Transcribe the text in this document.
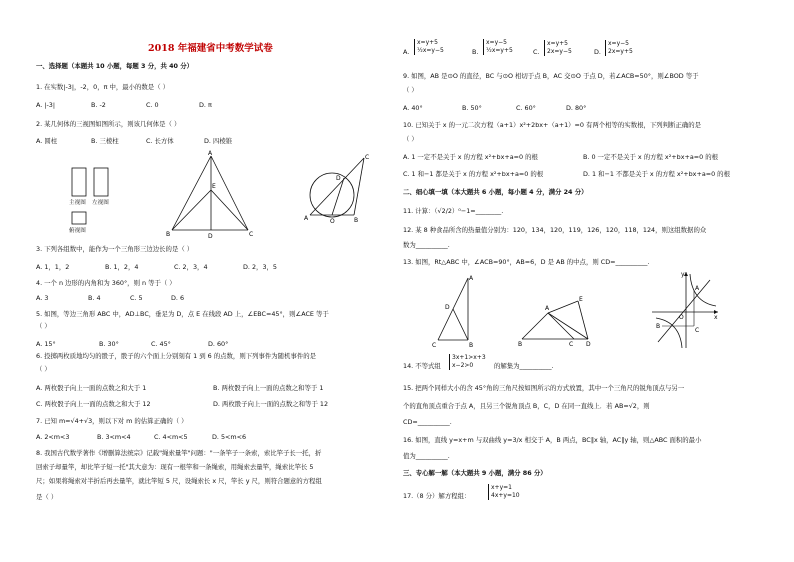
2018 年福建省中考数学试卷
一、选择题（本题共 10 小题，每题 3 分，共 40 分）
1. 在实数|-3|，-2，0，π 中，最小的数是（ ）
A. |-3|	B. -2	C. 0	D. π
2. 某几何体的三视图如图所示，则该几何体是（ ）
A. 圆柱	B. 三棱柱	C. 长方体	D. 四棱锥
主视图 左视图
俯视图
A
E
B	D	C
C
D
A	O	B
3. 下列各组数中，能作为一个三角形三边边长的是（ ）
A. 1，1，2	B. 1，2，4	C. 2，3，4	D. 2，3，5
4. 一个 n 边形的内角和为 360°，则 n 等于（ ）
A. 3	B. 4	C. 5	D. 6
5. 如图，等边三角形 ABC 中，AD⊥BC，垂足为 D，点 E 在线段 AD 上，∠EBC=45°，则∠ACE 等于
（ ）
A. 15°	B. 30°	C. 45°	D. 60°
6. 投掷两枚质地均匀的骰子，骰子的六个面上分别刻有 1 到 6 的点数，则下列事件为随机事件的是
（ ）
A. 两枚骰子向上一面的点数之和大于 1	B. 两枚骰子向上一面的点数之和等于 1
C. 两枚骰子向上一面的点数之和大于 12	D. 两枚骰子向上一面的点数之和等于 12
7. 已知 m=√4+√3，则以下对 m 的估算正确的（ ）
A. 2<m<3	B. 3<m<4	C. 4<m<5	D. 5<m<6
8. 我国古代数学著作《增删算法统宗》记载"绳索量竿"问题："一条竿子一条索，索比竿子长一托，折
回索子却量竿，却比竿子短一托"其大意为：现有一根竿和一条绳索，用绳索去量竿，绳索比竿长 5
尺；如果将绳索对半折后再去量竿，就比竿短 5 尺，设绳索长 x 尺，竿长 y 尺，则符合题意的方程组
是（ ）
A.
x=y+5
½x=y−5	B.
x=y−5
½x=y+5	C.
x=y+5
2x=y−5	D.
x=y−5
2x=y+5
9. 如图，AB 是⊙O 的直径，BC 与⊙O 相切于点 B，AC 交⊙O 于点 D，若∠ACB=50°，则∠BOD 等于
（ ）
A. 40°	B. 50°	C. 60°	D. 80°
10. 已知关于 x 的一元二次方程（a+1）x²+2bx+（a+1）=0 有两个相等的实数根，下列判断正确的是
（ ）
A. 1 一定不是关于 x 的方程 x²+bx+a=0 的根	B. 0 一定不是关于 x 的方程 x²+bx+a=0 的根
C. 1 和−1 都是关于 x 的方程 x²+bx+a=0 的根	D. 1 和−1 不都是关于 x 的方程 x²+bx+a=0 的根
二、细心填一填（本大题共 6 小题，每小题 4 分，满分 24 分）
11. 计算：（√2/2）⁰−1=________.
12. 某 8 种食品所含的热量值分别为：120，134，120，119，126，120，118，124，则这组数据的众
数为__________.
13. 如图，Rt△ABC 中，∠ACB=90°，AB=6，D 是 AB 的中点，则 CD=__________.
A
D
C	B
A
E
B	C D
y
x
A
B
C
O
14. 不等式组
3x+1>x+3
x−2>0	的解集为__________.
15. 把两个同样大小的含 45°角的三角尺按如图所示的方式放置，其中一个三角尺的锐角顶点与另一
个的直角顶点重合于点 A，且另三个锐角顶点 B，C，D 在同一直线上．若 AB=√2，则
CD=__________.
16. 如图，直线 y=x+m 与双曲线 y=3/x 相交于 A，B 两点，BC∥x 轴，AC∥y 轴，则△ABC 面积的最小
值为__________.
三、专心解一解（本大题共 9 小题，满分 86 分）
17.（8 分）解方程组：
x+y=1
4x+y=10
